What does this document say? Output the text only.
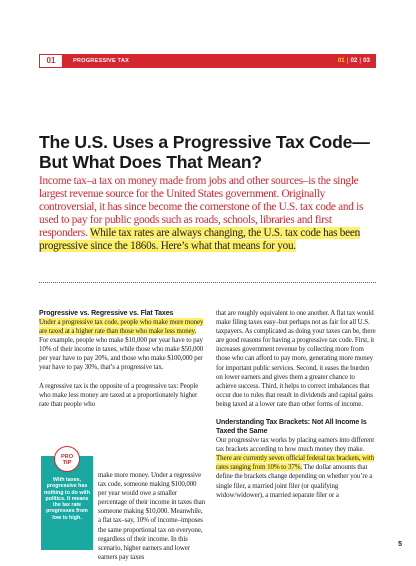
01	PROGRESSIVE TAX	01 | 02 | 03
The U.S. Uses a Progressive Tax Code—But What Does That Mean?

Income tax–a tax on money made from jobs and other sources–is the single largest revenue source for the United States government. Originally controversial, it has since become the cornerstone of the U.S. tax code and is used to pay for public goods such as roads, schools, libraries and first responders. While tax rates are always changing, the U.S. tax code has been progressive since the 1860s. Here’s what that means for you.

Progressive vs. Regressive vs. Flat Taxes

Under a progressive tax code, people who make more money are taxed at a higher rate than those who make less money. For example, people who make $10,000 per year have to pay 10% of their income in taxes, while those who make $50,000 per year have to pay 20%, and those who make $100,000 per year have to pay 30%, that’s a progressive tax.

A regressive tax is the opposite of a progressive tax: People who make less money are taxed at a proportionately higher rate than people who

PRO
TIP
With taxes, progressive has nothing to do with politics. It means the tax rate progresses from low to high.

make more money. Under a regressive tax code, someone making $100,000 per year would owe a smaller percentage of their income in taxes than someone making $10,000. Meanwhile, a flat tax–say, 10% of income–imposes the same proportional tax on everyone, regardless of their income. In this scenario, higher earners and lower earners pay taxes

that are roughly equivalent to one another. A flat tax would make filing taxes easy–but perhaps not as fair for all U.S. taxpayers. As complicated as doing your taxes can be, there are good reasons for having a progressive tax code. First, it increases government revenue by collecting more from those who can afford to pay more, generating more money for important public services. Second, it eases the burden on lower earners and gives them a greater chance to achieve success. Third, it helps to correct imbalances that occur due to rules that result in dividends and capital gains being taxed at a lower rate than other forms of income.

Understanding Tax Brackets: Not All Income Is Taxed the Same

Our progressive tax works by placing earners into different tax brackets according to how much money they make. There are currently seven official federal tax brackets, with rates ranging from 10% to 37%. The dollar amounts that define the brackets change depending on whether you’re a single filer, a married joint filer (or qualifying widow/widower), a married separate filer or a

5
